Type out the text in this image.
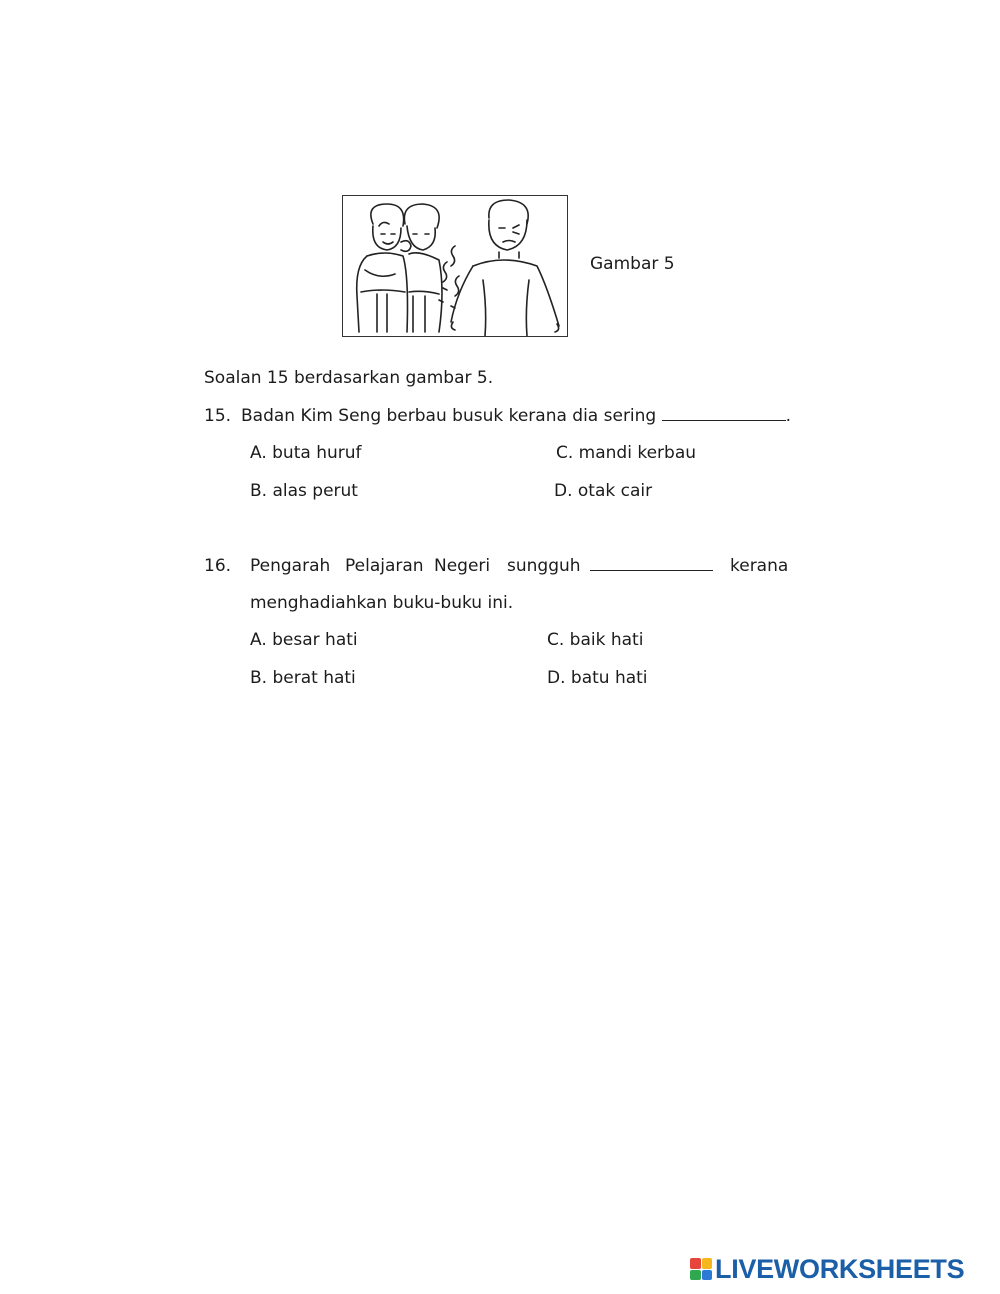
Gambar 5
Soalan 15 berdasarkan gambar 5.
15. Badan Kim Seng berbau busuk kerana dia sering	.
A. buta huruf	C. mandi kerbau
B. alas perut	D. otak cair
16. Pengarah Pelajaran Negeri sungguh	kerana
menghadiahkan buku-buku ini.
A. besar hati	C. baik hati
B. berat hati	D. batu hati
LIVEWORKSHEETS
